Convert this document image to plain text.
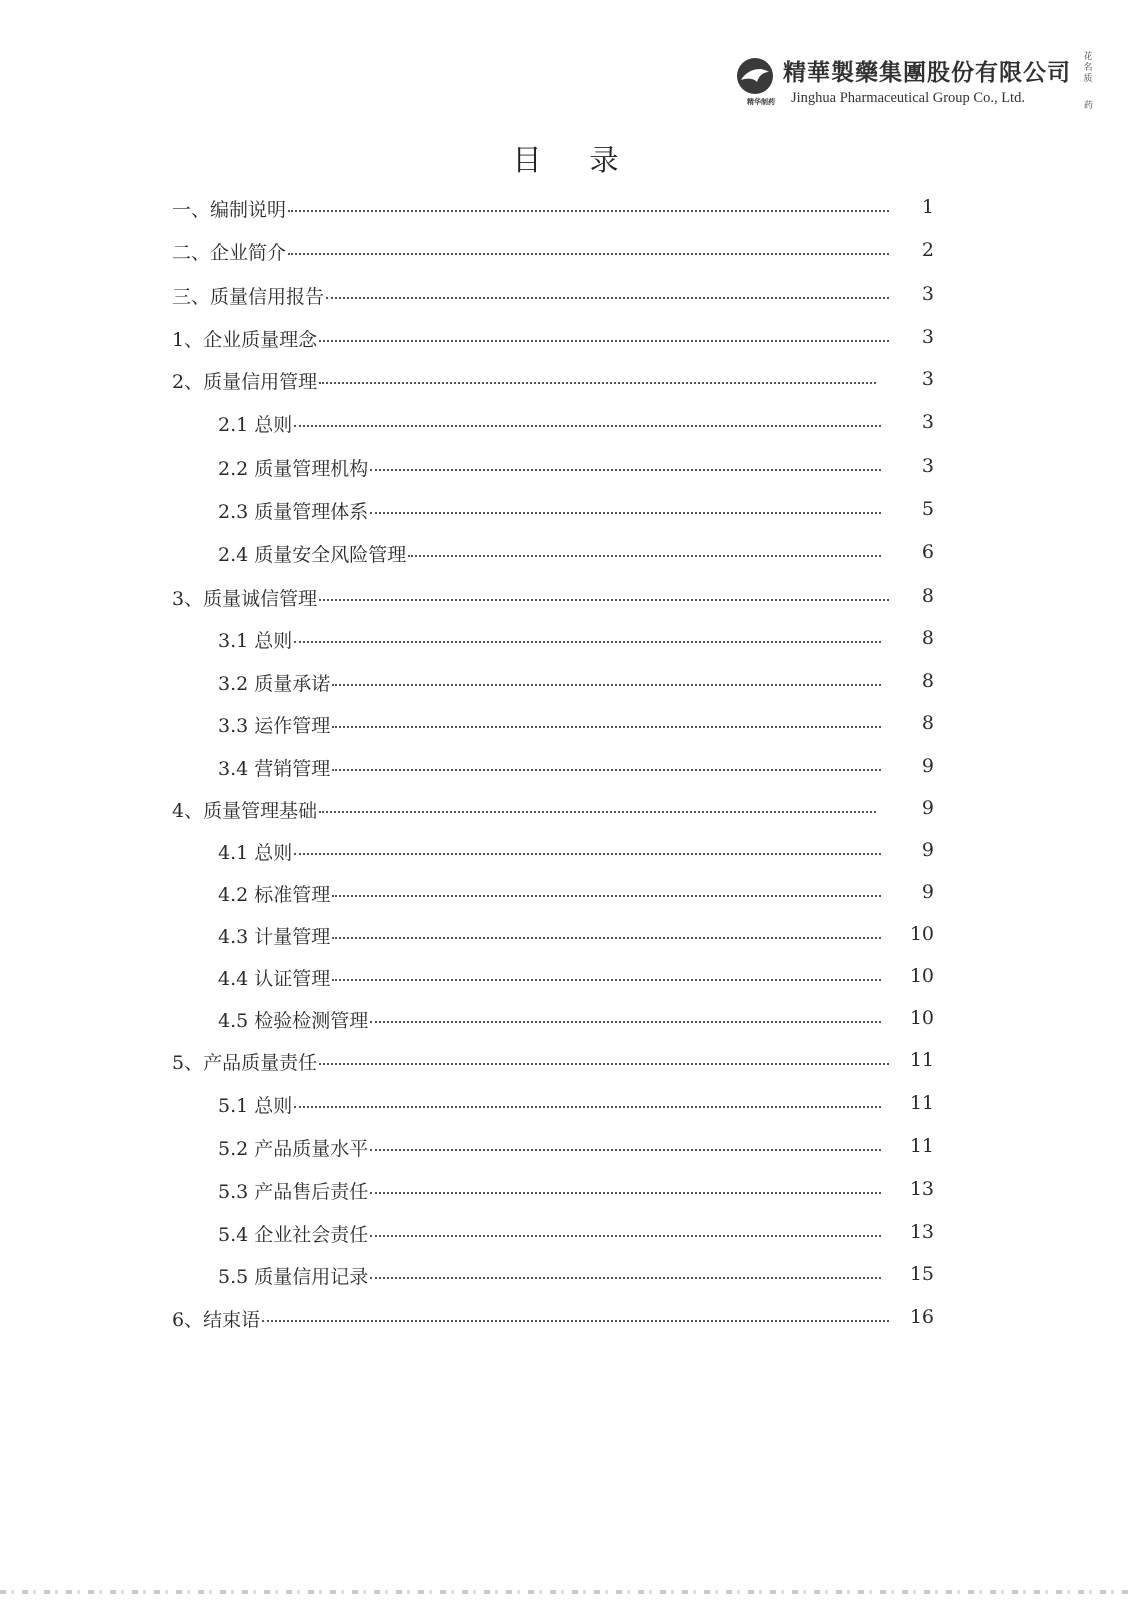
精华制药
精華製藥集團股份有限公司
Jinghua Pharmaceutical Group Co., Ltd.
花名质
药
目录
一、编制说明	1
二、企业简介	2
三、质量信用报告	3
1、企业质量理念	3
2、质量信用管理	3
2.1 总则	3
2.2 质量管理机构	3
2.3 质量管理体系	5
2.4 质量安全风险管理	6
3、质量诚信管理	8
3.1 总则	8
3.2 质量承诺	8
3.3 运作管理	8
3.4 营销管理	9
4、质量管理基础	9
4.1 总则	9
4.2 标准管理	9
4.3 计量管理	10
4.4 认证管理	10
4.5 检验检测管理	10
5、产品质量责任	11
5.1 总则	11
5.2 产品质量水平	11
5.3 产品售后责任	13
5.4 企业社会责任	13
5.5 质量信用记录	15
6、结束语	16
